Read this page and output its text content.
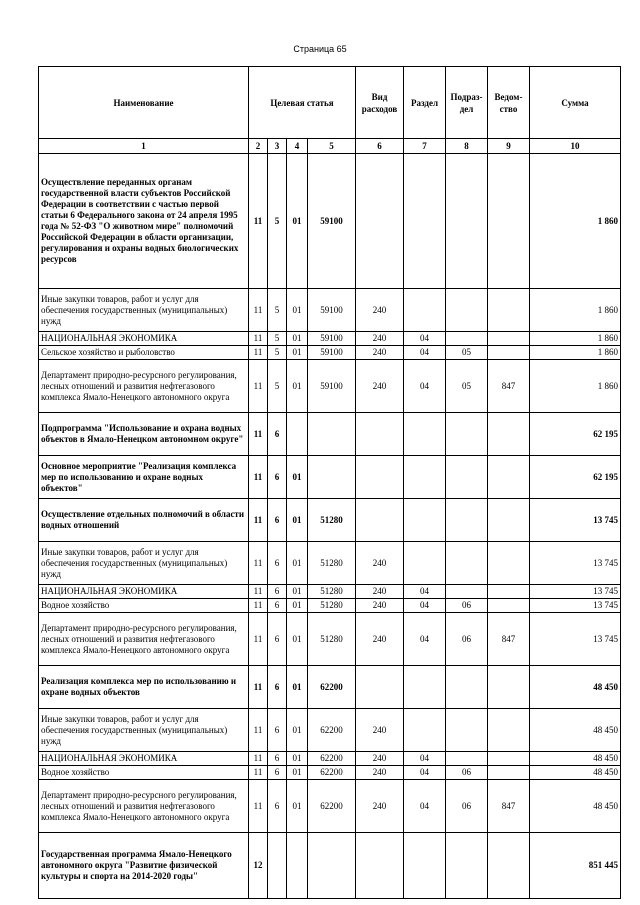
Страница 65
Наименование	Целевая статья				Вид расходов	Раздел	Подраз-дел	Ведом-ство	Сумма
1	2	3	4	5	6	7	8	9	10
Осуществление переданных органам государственной власти субъектов Российской Федерации в соответствии с частью первой статьи 6 Федерального закона от 24 апреля 1995 года № 52-ФЗ "О животном мире" полномочий Российской Федерации в области организации, регулирования и охраны водных биологических ресурсов	11	5	01	59100					1 860
Иные закупки товаров, работ и услуг для обеспечения государственных (муниципальных) нужд	11	5	01	59100	240				1 860
НАЦИОНАЛЬНАЯ ЭКОНОМИКА	11	5	01	59100	240	04			1 860
Сельское хозяйство и рыболовство	11	5	01	59100	240	04	05		1 860
Департамент природно-ресурсного регулирования, лесных отношений и развития нефтегазового комплекса Ямало-Ненецкого автономного округа	11	5	01	59100	240	04	05	847	1 860
Подпрограмма "Использование и охрана водных объектов в Ямало-Ненецком автономном округе"	11	6							62 195
Основное мероприятие "Реализация комплекса мер по использованию и охране водных объектов"	11	6	01						62 195
Осуществление отдельных полномочий в области водных отношений	11	6	01	51280					13 745
Иные закупки товаров, работ и услуг для обеспечения государственных (муниципальных) нужд	11	6	01	51280	240				13 745
НАЦИОНАЛЬНАЯ ЭКОНОМИКА	11	6	01	51280	240	04			13 745
Водное хозяйство	11	6	01	51280	240	04	06		13 745
Департамент природно-ресурсного регулирования, лесных отношений и развития нефтегазового комплекса Ямало-Ненецкого автономного округа	11	6	01	51280	240	04	06	847	13 745
Реализация комплекса мер по использованию и охране водных объектов	11	6	01	62200					48 450
Иные закупки товаров, работ и услуг для обеспечения государственных (муниципальных) нужд	11	6	01	62200	240				48 450
НАЦИОНАЛЬНАЯ ЭКОНОМИКА	11	6	01	62200	240	04			48 450
Водное хозяйство	11	6	01	62200	240	04	06		48 450
Департамент природно-ресурсного регулирования, лесных отношений и развития нефтегазового комплекса Ямало-Ненецкого автономного округа	11	6	01	62200	240	04	06	847	48 450
Государственная программа Ямало-Ненецкого автономного округа "Развитие физической культуры и спорта на 2014-2020 годы"	12								851 445
